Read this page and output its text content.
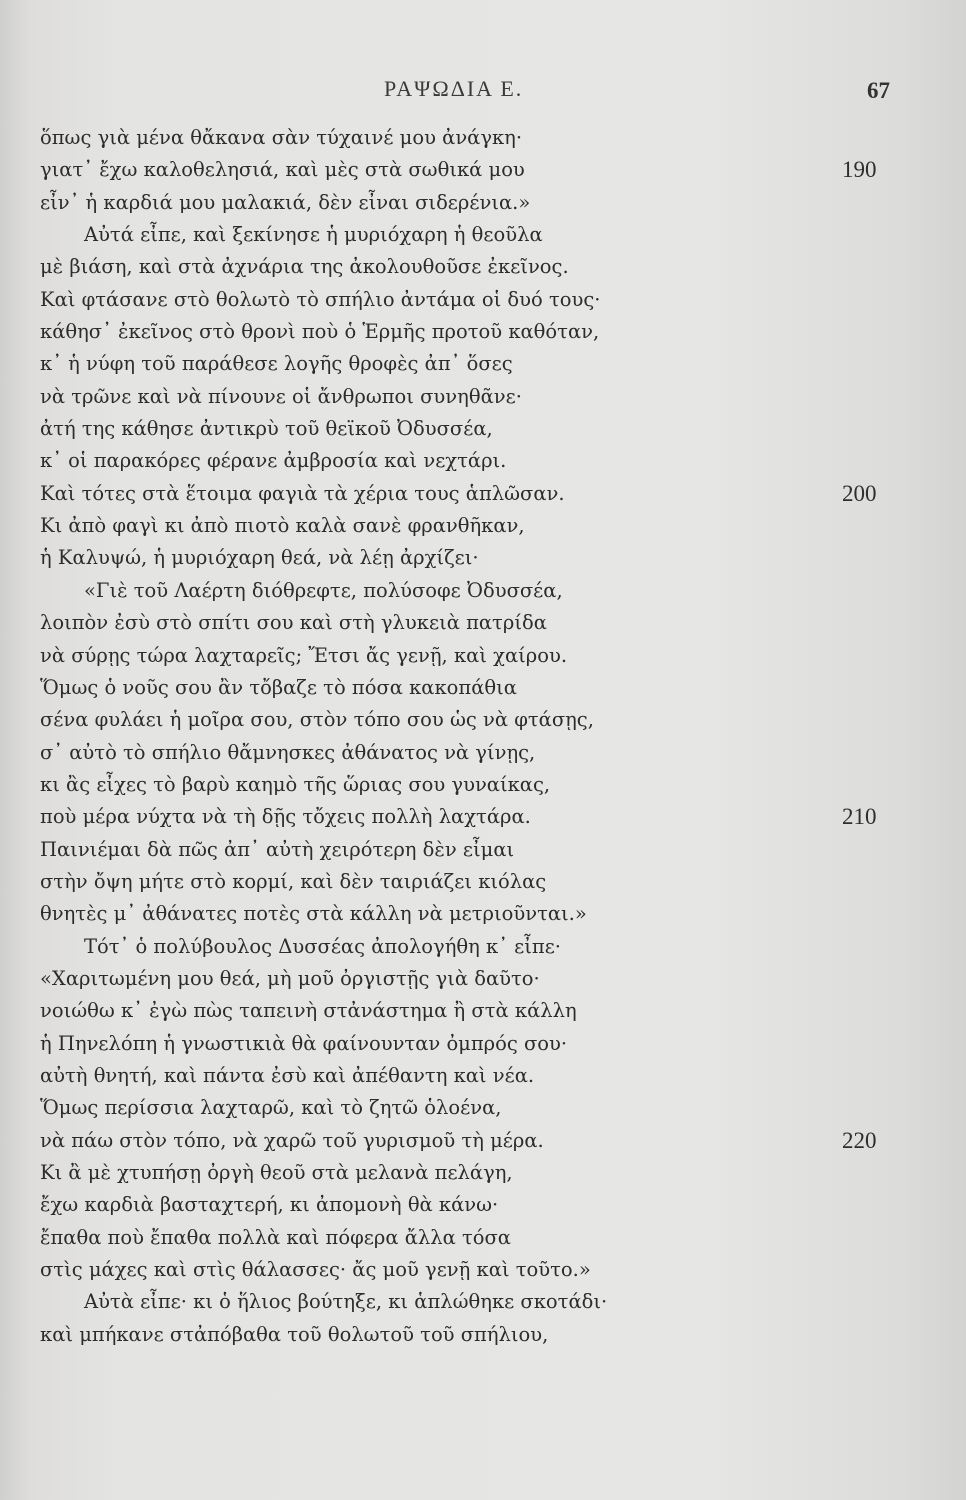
ΡΑΨΩΔΙΑ Ε.	67
ὅπως γιὰ μένα θἄκανα σὰν τύχαινέ μου ἀνάγκη·
γιατ᾽ ἔχω καλοθελησιά, καὶ μὲς στὰ σωθικά μου	190
εἶν᾽ ἡ καρδιά μου μαλακιά, δὲν εἶναι σιδερένια.»
Αὐτά εἶπε, καὶ ξεκίνησε ἡ μυριόχαρη ἡ θεοῦλα
μὲ βιάση, καὶ στὰ ἀχνάρια της ἀκολουθοῦσε ἐκεῖνος.
Καὶ φτάσανε στὸ θολωτὸ τὸ σπήλιο ἀντάμα οἱ δυό τους·
κάθησ᾽ ἐκεῖνος στὸ θρονὶ ποὺ ὁ Ἑρμῆς προτοῦ καθόταν,
κ᾽ ἡ νύφη τοῦ παράθεσε λογῆς θροφὲς ἀπ᾽ ὅσες
νὰ τρῶνε καὶ νὰ πίνουνε οἱ ἄνθρωποι συνηθᾶνε·
ἀτή της κάθησε ἀντικρὺ τοῦ θεϊκοῦ Ὀδυσσέα,
κ᾽ οἱ παρακόρες φέρανε ἀμβροσία καὶ νεχτάρι.
Καὶ τότες στὰ ἕτοιμα φαγιὰ τὰ χέρια τους ἁπλῶσαν.	200
Κι ἀπὸ φαγὶ κι ἀπὸ πιοτὸ καλὰ σανὲ φρανθῆκαν,
ἡ Καλυψώ, ἡ μυριόχαρη θεά, νὰ λέῃ ἀρχίζει·
«Γιὲ τοῦ Λαέρτη διόθρεφτε, πολύσοφε Ὀδυσσέα,
λοιπὸν ἐσὺ στὸ σπίτι σου καὶ στὴ γλυκειὰ πατρίδα
νὰ σύρῃς τώρα λαχταρεῖς; Ἔτσι ἄς γενῇ, καὶ χαίρου.
Ὅμως ὁ νοῦς σου ἂν τὄβαζε τὸ πόσα κακοπάθια
σένα φυλάει ἡ μοῖρα σου, στὸν τόπο σου ὡς νὰ φτάσῃς,
σ᾽ αὐτὸ τὸ σπήλιο θἄμνησκες ἀθάνατος νὰ γίνῃς,
κι ἂς εἶχες τὸ βαρὺ καημὸ τῆς ὥριας σου γυναίκας,
ποὺ μέρα νύχτα νὰ τὴ δῇς τὄχεις πολλὴ λαχτάρα.	210
Παινιέμαι δὰ πῶς ἀπ᾽ αὐτὴ χειρότερη δὲν εἶμαι
στὴν ὄψη μήτε στὸ κορμί, καὶ δὲν ταιριάζει κιόλας
θνητὲς μ᾽ ἀθάνατες ποτὲς στὰ κάλλη νὰ μετριοῦνται.»
Τότ᾽ ὁ πολύβουλος Δυσσέας ἀπολογήθη κ᾽ εἶπε·
«Χαριτωμένη μου θεά, μὴ μοῦ ὀργιστῇς γιὰ δαῦτο·
νοιώθω κ᾽ ἐγὼ πὼς ταπεινὴ στἀνάστημα ἢ στὰ κάλλη
ἡ Πηνελόπη ἡ γνωστικιὰ θὰ φαίνουνταν ὀμπρός σου·
αὐτὴ θνητή, καὶ πάντα ἐσὺ καὶ ἀπέθαντη καὶ νέα.
Ὅμως περίσσια λαχταρῶ, καὶ τὸ ζητῶ ὁλοένα,
νὰ πάω στὸν τόπο, νὰ χαρῶ τοῦ γυρισμοῦ τὴ μέρα.	220
Κι ἂ μὲ χτυπήσῃ ὀργὴ θεοῦ στὰ μελανὰ πελάγη,
ἔχω καρδιὰ βασταχτερή, κι ἀπομονὴ θὰ κάνω·
ἔπαθα ποὺ ἔπαθα πολλὰ καὶ πόφερα ἄλλα τόσα
στὶς μάχες καὶ στὶς θάλασσες· ἄς μοῦ γενῇ καὶ τοῦτο.»
Αὐτὰ εἶπε· κι ὁ ἥλιος βούτηξε, κι ἁπλώθηκε σκοτάδι·
καὶ μπήκανε στἀπόβαθα τοῦ θολωτοῦ τοῦ σπήλιου,
